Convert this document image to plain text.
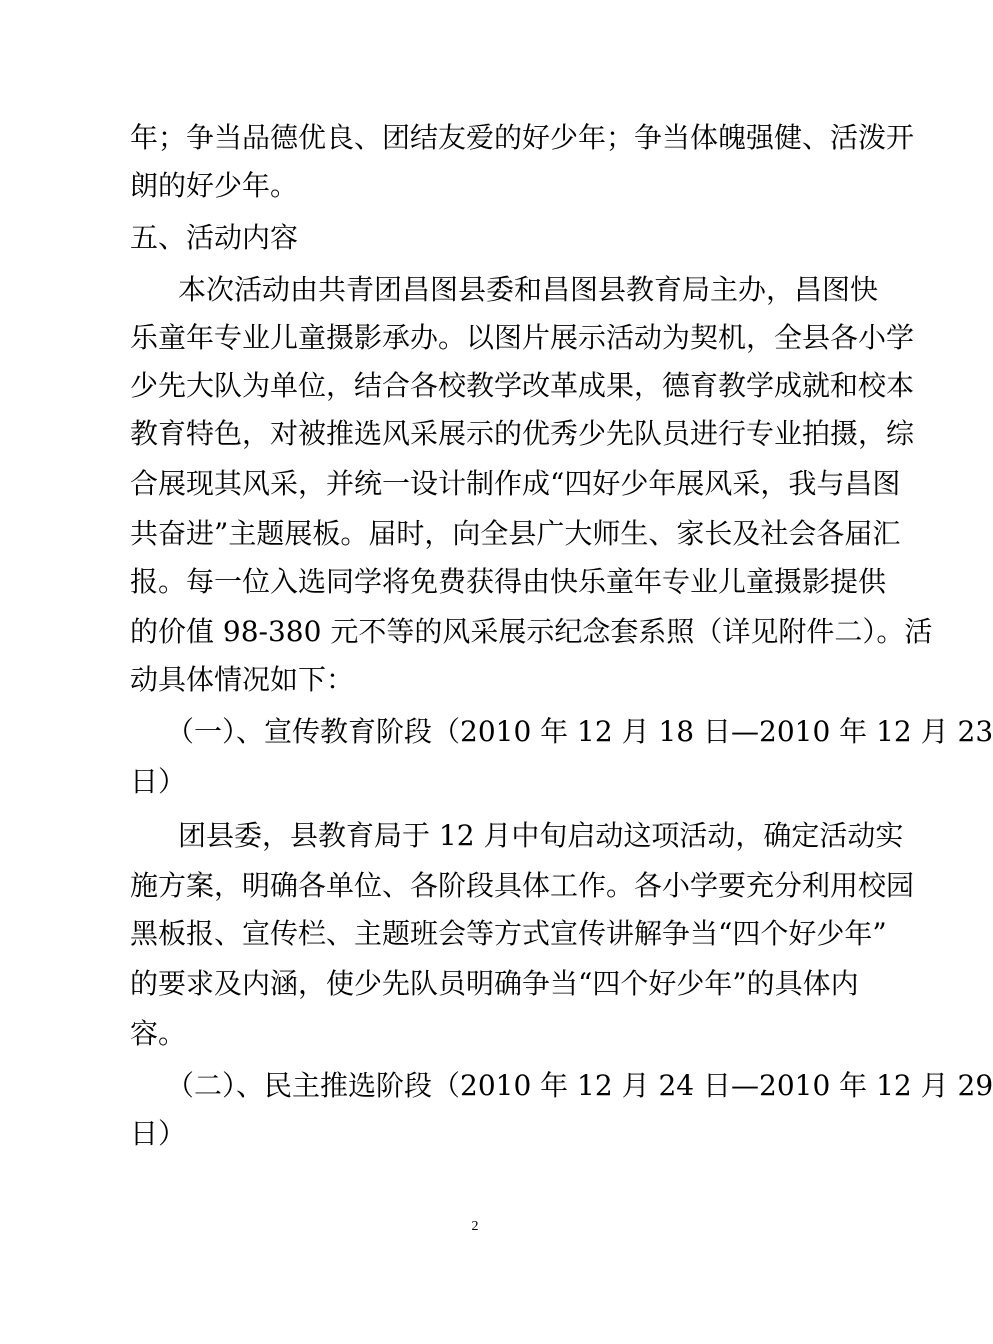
年；争当品德优良、团结友爱的好少年；争当体魄强健、活泼开
朗的好少年。
五、活动内容
本次活动由共青团昌图县委和昌图县教育局主办，昌图快
乐童年专业儿童摄影承办。以图片展示活动为契机，全县各小学
少先大队为单位，结合各校教学改革成果，德育教学成就和校本
教育特色，对被推选风采展示的优秀少先队员进行专业拍摄，综
合展现其风采，并统一设计制作成“四好少年展风采，我与昌图
共奋进”主题展板。届时，向全县广大师生、家长及社会各届汇
报。每一位入选同学将免费获得由快乐童年专业儿童摄影提供
的价值 98-380 元不等的风采展示纪念套系照（详见附件二）。活
动具体情况如下：
（一）、宣传教育阶段（2010 年 12 月 18 日—2010 年 12 月 23
日）
团县委，县教育局于 12 月中旬启动这项活动，确定活动实
施方案，明确各单位、各阶段具体工作。各小学要充分利用校园
黑板报、宣传栏、主题班会等方式宣传讲解争当“四个好少年”
的要求及内涵，使少先队员明确争当“四个好少年”的具体内
容。
（二）、民主推选阶段（2010 年 12 月 24 日—2010 年 12 月 29
日）
2
